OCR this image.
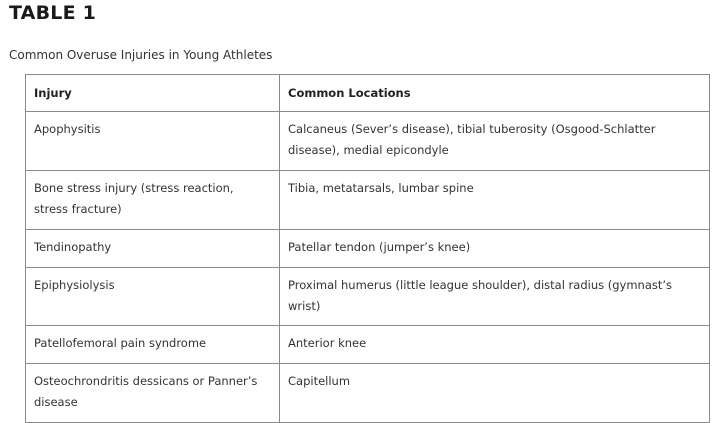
TABLE 1

Common Overuse Injuries in Young Athletes

Injury	Common Locations
Apophysitis	Calcaneus (Sever’s disease), tibial tuberosity (Osgood-Schlatter disease), medial epicondyle
Bone stress injury (stress reaction, stress fracture)	Tibia, metatarsals, lumbar spine
Tendinopathy	Patellar tendon (jumper’s knee)
Epiphysiolysis	Proximal humerus (little league shoulder), distal radius (gymnast’s wrist)
Patellofemoral pain syndrome	Anterior knee
Osteochrondritis dessicans or Panner’s disease	Capitellum
